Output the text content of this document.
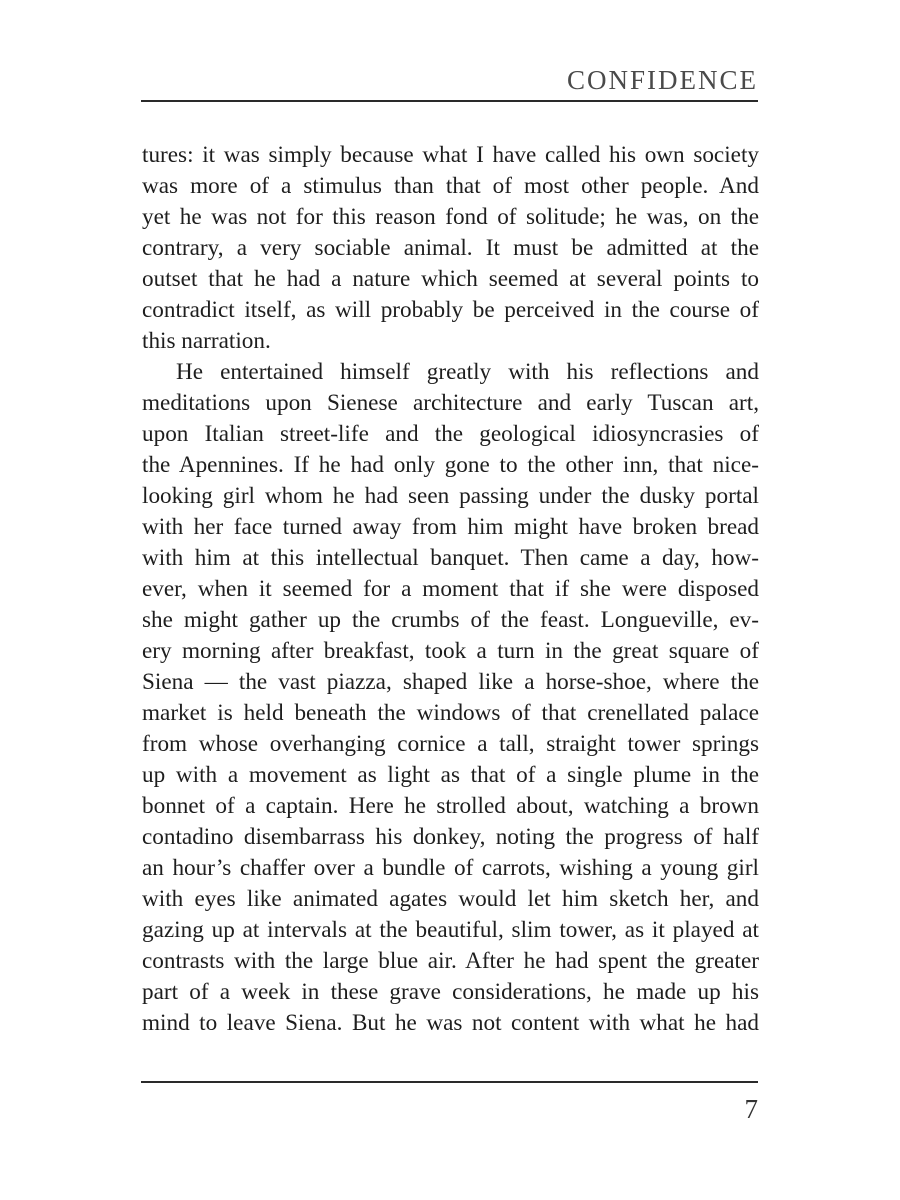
CONFIDENCE
tures: it was simply because what I have called his own society
was more of a stimulus than that of most other people. And
yet he was not for this reason fond of solitude; he was, on the
contrary, a very sociable animal. It must be admitted at the
outset that he had a nature which seemed at several points to
contradict itself, as will probably be perceived in the course of
this narration.
He entertained himself greatly with his reflections and
meditations upon Sienese architecture and early Tuscan art,
upon Italian street-life and the geological idiosyncrasies of
the Apennines. If he had only gone to the other inn, that nice-
looking girl whom he had seen passing under the dusky portal
with her face turned away from him might have broken bread
with him at this intellectual banquet. Then came a day, how-
ever, when it seemed for a moment that if she were disposed
she might gather up the crumbs of the feast. Longueville, ev-
ery morning after breakfast, took a turn in the great square of
Siena — the vast piazza, shaped like a horse-shoe, where the
market is held beneath the windows of that crenellated palace
from whose overhanging cornice a tall, straight tower springs
up with a movement as light as that of a single plume in the
bonnet of a captain. Here he strolled about, watching a brown
contadino disembarrass his donkey, noting the progress of half
an hour’s chaffer over a bundle of carrots, wishing a young girl
with eyes like animated agates would let him sketch her, and
gazing up at intervals at the beautiful, slim tower, as it played at
contrasts with the large blue air. After he had spent the greater
part of a week in these grave considerations, he made up his
mind to leave Siena. But he was not content with what he had
7
